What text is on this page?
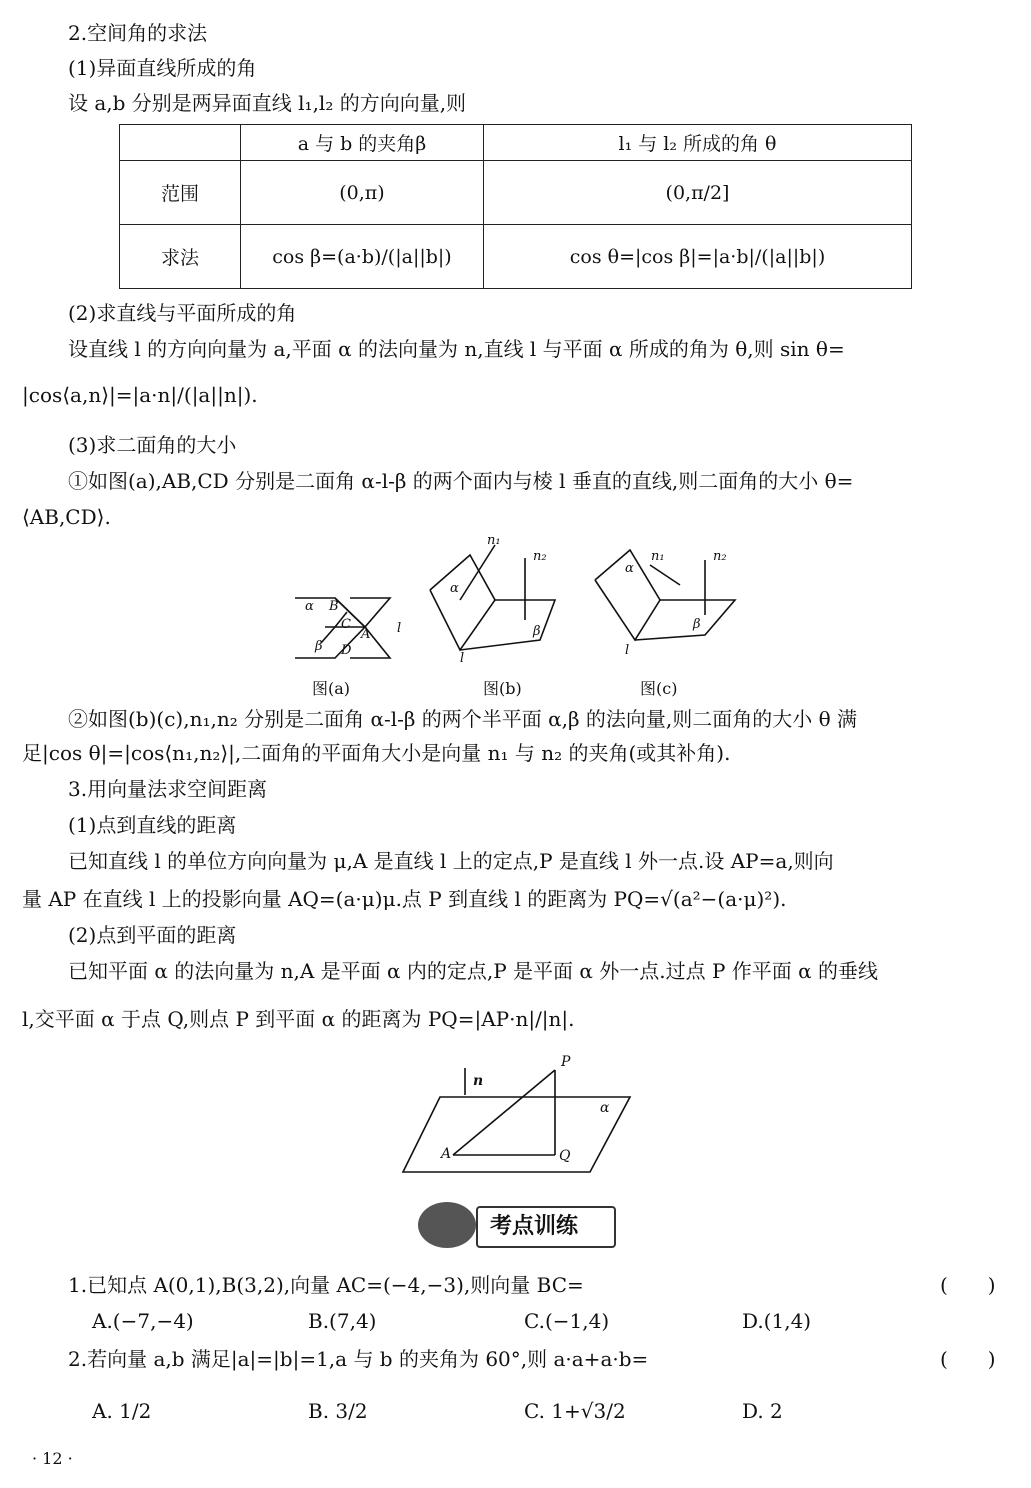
2.空间角的求法
(1)异面直线所成的角
设 a,b 分别是两异面直线 l₁,l₂ 的方向向量,则
	a 与 b 的夹角β	l₁ 与 l₂ 所成的角 θ
范围	(0,π)	(0,π/2]
求法	cos β=(a·b)/(|a||b|)	cos θ=|cos β|=|a·b|/(|a||b|)
(2)求直线与平面所成的角
设直线 l 的方向向量为 a,平面 α 的法向量为 n,直线 l 与平面 α 所成的角为 θ,则 sin θ=
|cos⟨a,n⟩|=|a·n|/(|a||n|).
(3)求二面角的大小
①如图(a),AB,CD 分别是二面角 α-l-β 的两个面内与棱 l 垂直的直线,则二面角的大小 θ=
⟨AB,CD⟩.
α B
C
A
β D
l
α
n₁
n₂
β
l
α
n₁	n₂
β
l
图(a)	图(b)	图(c)
②如图(b)(c),n₁,n₂ 分别是二面角 α-l-β 的两个半平面 α,β 的法向量,则二面角的大小 θ 满
足|cos θ|=|cos⟨n₁,n₂⟩|,二面角的平面角大小是向量 n₁ 与 n₂ 的夹角(或其补角).
3.用向量法求空间距离
(1)点到直线的距离
已知直线 l 的单位方向向量为 μ,A 是直线 l 上的定点,P 是直线 l 外一点.设 AP=a,则向
量 AP 在直线 l 上的投影向量 AQ=(a·μ)μ.点 P 到直线 l 的距离为 PQ=√(a²−(a·μ)²).
(2)点到平面的距离
已知平面 α 的法向量为 n,A 是平面 α 内的定点,P 是平面 α 外一点.过点 P 作平面 α 的垂线
l,交平面 α 于点 Q,则点 P 到平面 α 的距离为 PQ=|AP·n|/|n|.
n
P
α
A	Q
考点训练
1.已知点 A(0,1),B(3,2),向量 AC=(−4,−3),则向量 BC=	(　　)
A.(−7,−4)	B.(7,4)	C.(−1,4)	D.(1,4)
2.若向量 a,b 满足|a|=|b|=1,a 与 b 的夹角为 60°,则 a·a+a·b=	(　　)
A. 1/2	B. 3/2	C. 1+√3/2	D. 2
· 12 ·
